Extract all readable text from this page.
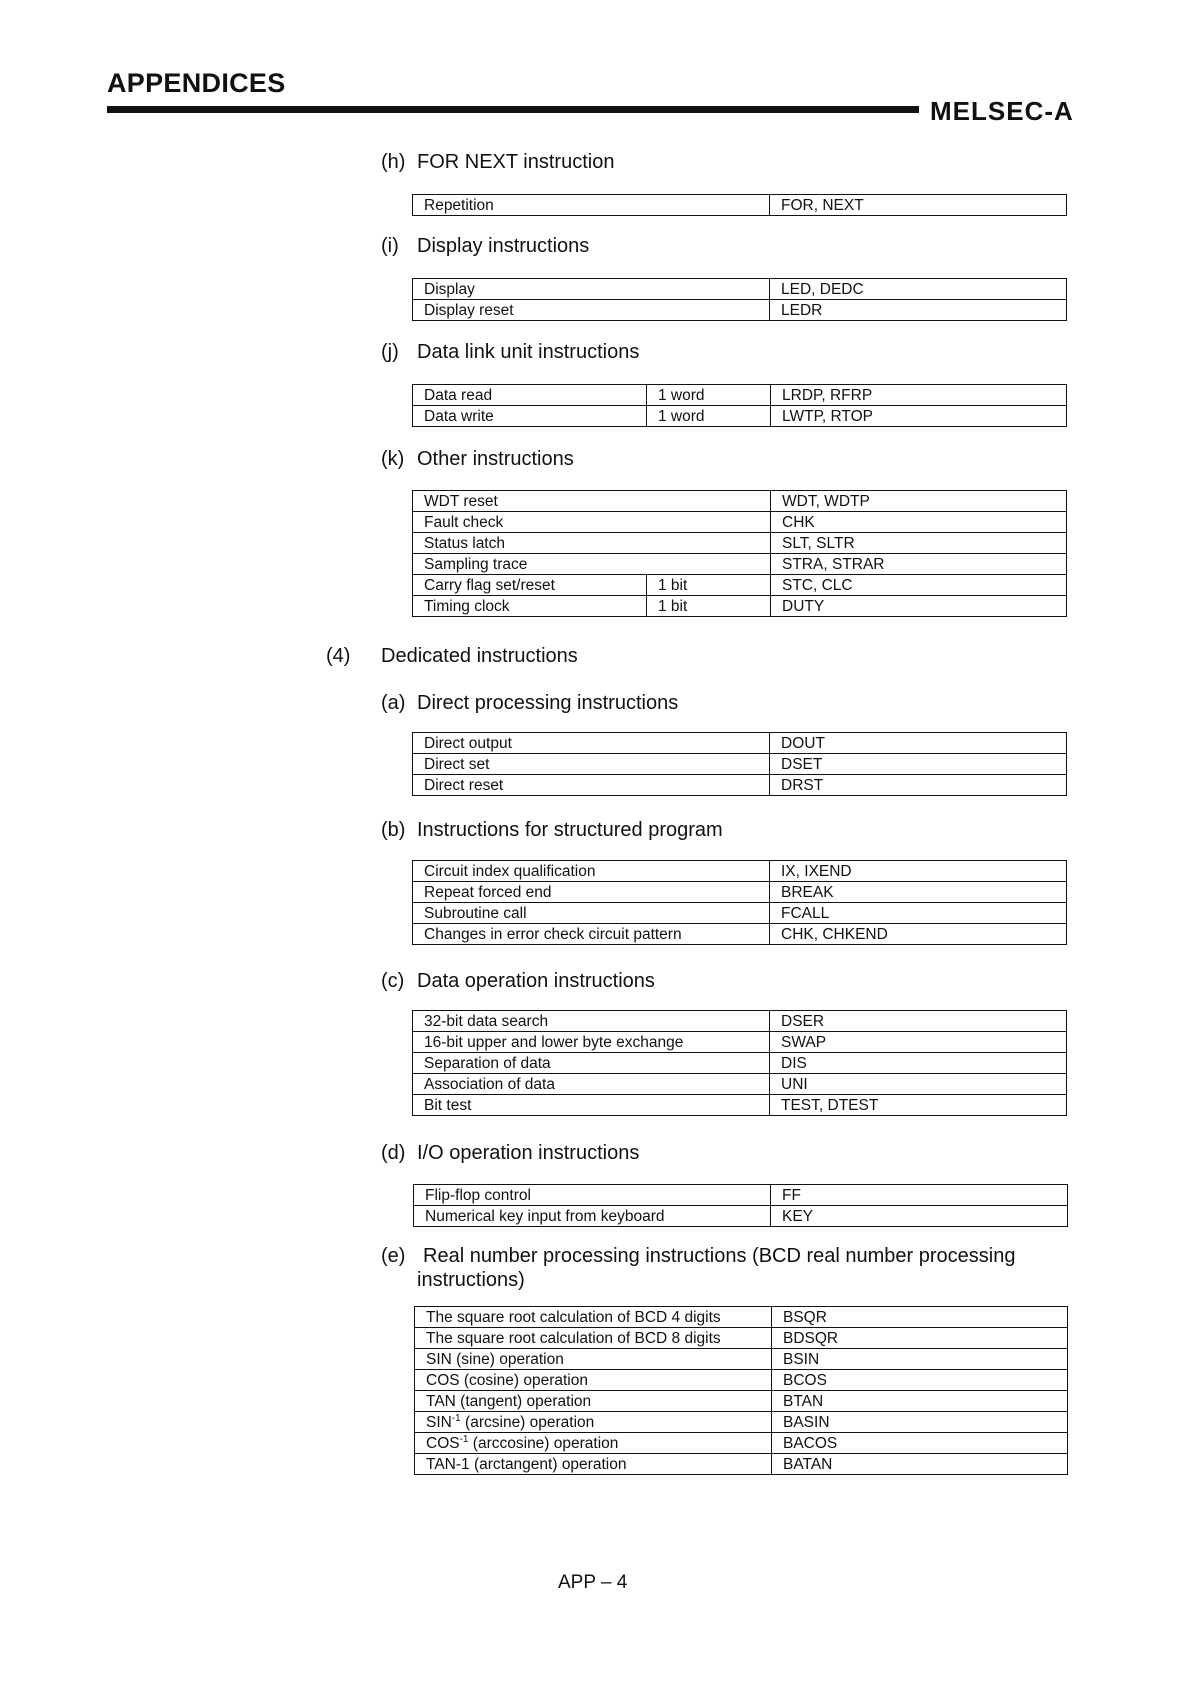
APPENDICES
MELSEC-A
(h) FOR NEXT instruction
Repetition	FOR, NEXT
(i) Display instructions
Display	LED, DEDC
Display reset	LEDR
(j) Data link unit instructions
Data read	1 word	LRDP, RFRP
Data write	1 word	LWTP, RTOP
(k) Other instructions
WDT reset		WDT, WDTP
Fault check		CHK
Status latch		SLT, SLTR
Sampling trace		STRA, STRAR
Carry flag set/reset	1 bit	STC, CLC
Timing clock	1 bit	DUTY
(4) Dedicated instructions
(a) Direct processing instructions
Direct output	DOUT
Direct set	DSET
Direct reset	DRST
(b) Instructions for structured program
Circuit index qualification	IX, IXEND
Repeat forced end	BREAK
Subroutine call	FCALL
Changes in error check circuit pattern	CHK, CHKEND
(c) Data operation instructions
32-bit data search	DSER
16-bit upper and lower byte exchange	SWAP
Separation of data	DIS
Association of data	UNI
Bit test	TEST, DTEST
(d) I/O operation instructions
Flip-flop control	FF
Numerical key input from keyboard	KEY
(e) Real number processing instructions (BCD real number processing
instructions)
The square root calculation of BCD 4 digits	BSQR
The square root calculation of BCD 8 digits	BDSQR
SIN (sine) operation	BSIN
COS (cosine) operation	BCOS
TAN (tangent) operation	BTAN
$SIN^{-1}$ (arcsine) operation	BASIN
$COS^{-1}$ (arccosine) operation	BACOS
TAN-1 (arctangent) operation	BATAN
APP – 4
